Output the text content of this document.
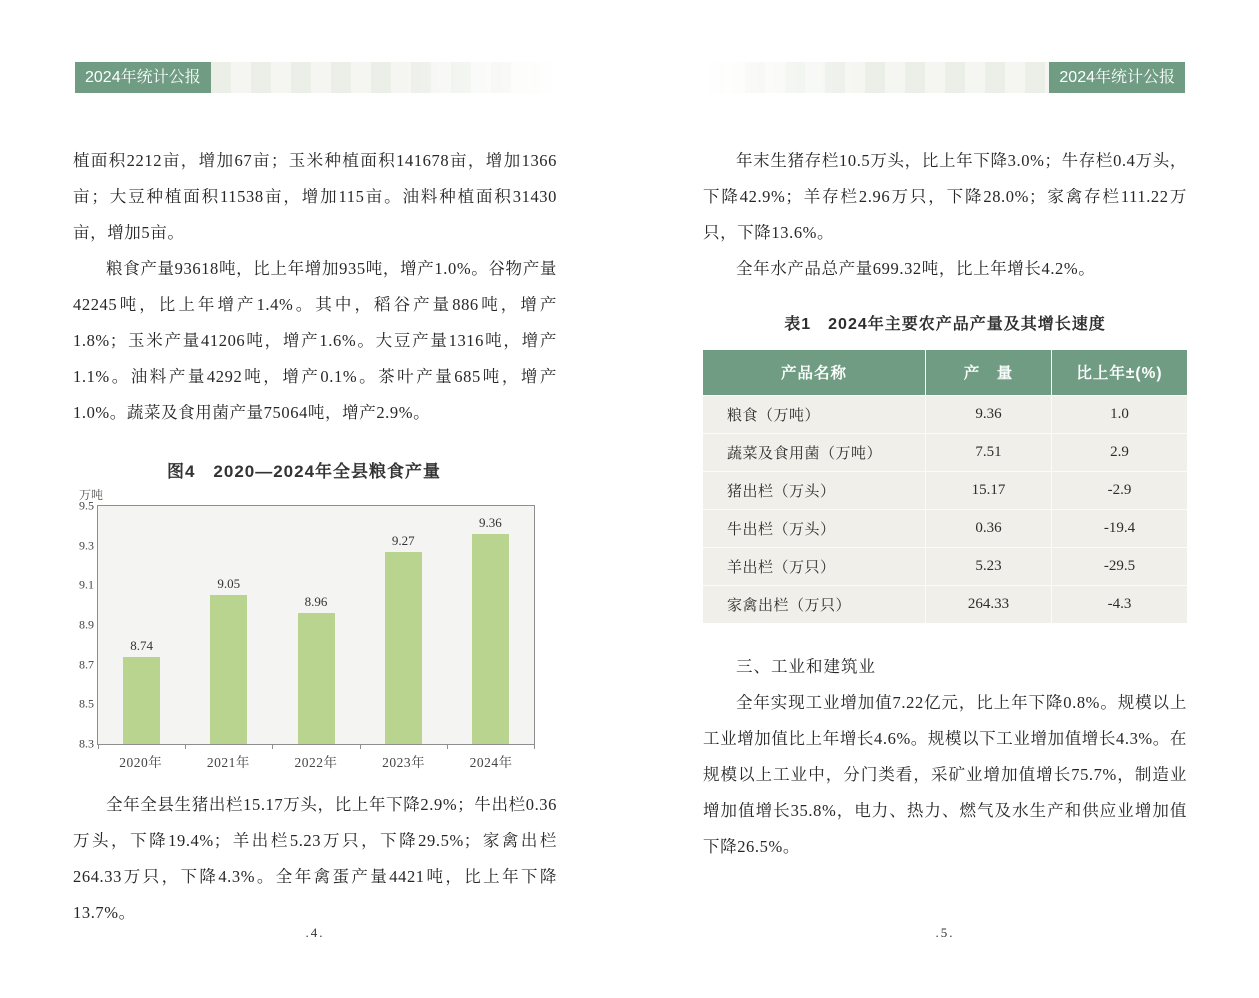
2024年统计公报	2024年统计公报

植面积2212亩，增加67亩；玉米种植面积141678亩，增加1366亩；大豆种植面积11538亩，增加115亩。油料种植面积31430亩，增加5亩。

粮食产量93618吨，比上年增加935吨，增产1.0%。谷物产量42245吨，比上年增产1.4%。其中，稻谷产量886吨，增产1.8%；玉米产量41206吨，增产1.6%。大豆产量1316吨，增产1.1%。油料产量4292吨，增产0.1%。茶叶产量685吨，增产1.0%。蔬菜及食用菌产量75064吨，增产2.9%。

图4　2020—2024年全县粮食产量
万吨
9.5
9.3
9.1
8.9
8.7
8.5
8.3
8.74
9.05
8.96
9.27
9.36
2020年	2021年	2022年	2023年	2024年

全年全县生猪出栏15.17万头，比上年下降2.9%；牛出栏0.36万头，下降19.4%；羊出栏5.23万只，下降29.5%；家禽出栏264.33万只，下降4.3%。全年禽蛋产量4421吨，比上年下降13.7%。

年末生猪存栏10.5万头，比上年下降3.0%；牛存栏0.4万头，下降42.9%；羊存栏2.96万只，下降28.0%；家禽存栏111.22万只，下降13.6%。

全年水产品总产量699.32吨，比上年增长4.2%。

表1　2024年主要农产品产量及其增长速度
产品名称	产　量	比上年±(%)
粮食（万吨）	9.36	1.0
蔬菜及食用菌（万吨）	7.51	2.9
猪出栏（万头）	15.17	-2.9
牛出栏（万头）	0.36	-19.4
羊出栏（万只）	5.23	-29.5
家禽出栏（万只）	264.33	-4.3
三、工业和建筑业

全年实现工业增加值7.22亿元，比上年下降0.8%。规模以上工业增加值比上年增长4.6%。规模以下工业增加值增长4.3%。在规模以上工业中，分门类看，采矿业增加值增长75.7%，制造业增加值增长35.8%，电力、热力、燃气及水生产和供应业增加值下降26.5%。

.4.	.5.
